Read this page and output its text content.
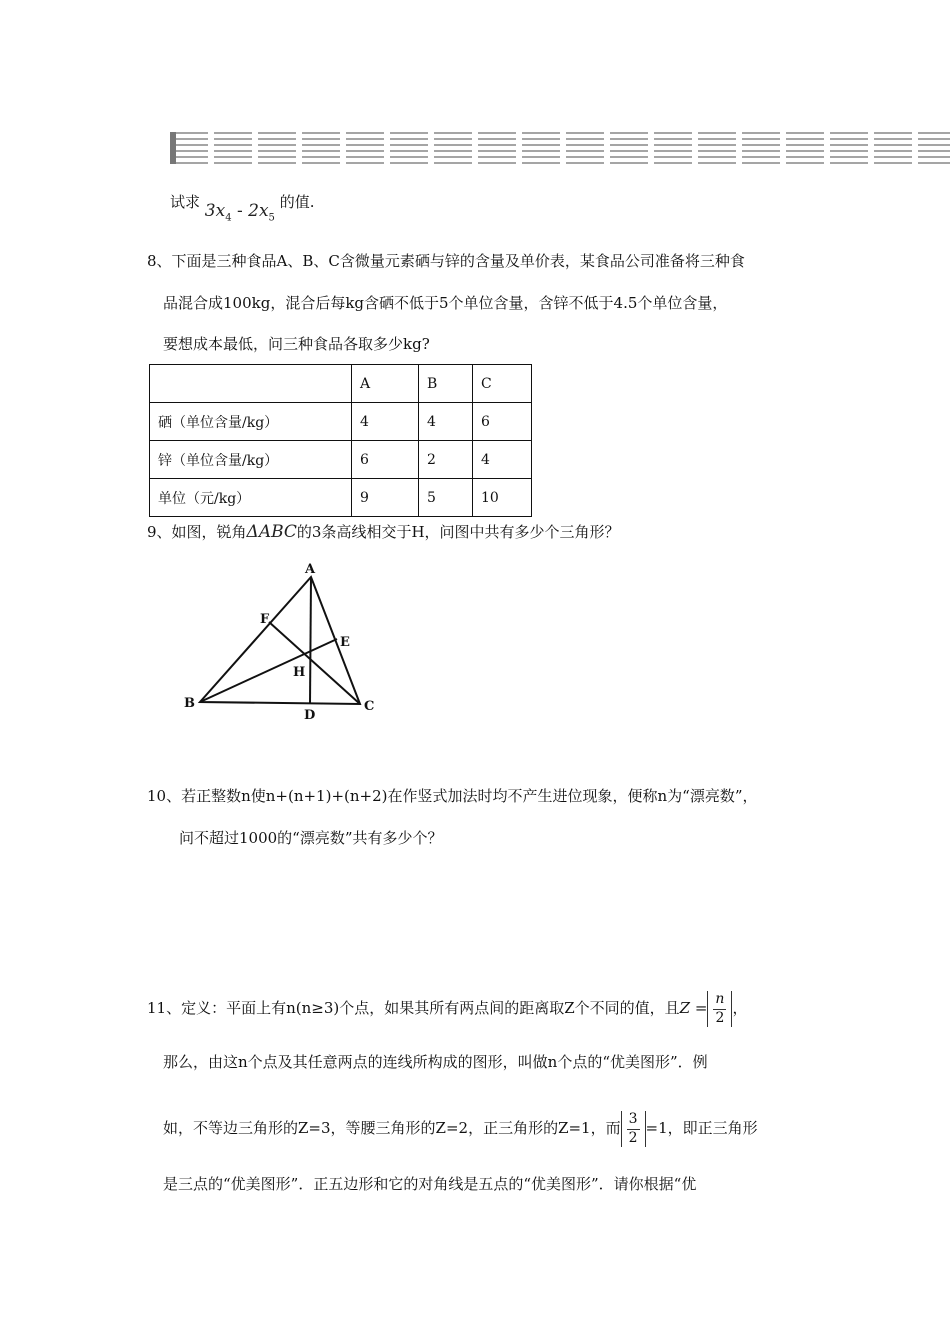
试求 $3x_4 - 2x_5$ 的值.
8、下面是三种食品A、B、C含微量元素硒与锌的含量及单价表，某食品公司准备将三种食
品混合成100kg，混合后每kg含硒不低于5个单位含量，含锌不低于4.5个单位含量，
要想成本最低，问三种食品各取多少kg?
	A	B	C
硒（单位含量/kg）	4	4	6
锌（单位含量/kg）	6	2	4
单位（元/kg）	9	5	10
9、如图，锐角ΔABC的3条高线相交于H，问图中共有多少个三角形？
A
B	C
D
E
F
H
10、若正整数n使n+(n+1)+(n+2)在作竖式加法时均不产生进位现象，便称n为“漂亮数”，
问不超过1000的“漂亮数”共有多少个？
11、定义：平面上有n(n≥3)个点，如果其所有两点间的距离取Z个不同的值，且$Z = \frac{n}{2}$ ，
那么，由这n个点及其任意两点的连线所构成的图形，叫做n个点的“优美图形”．例
如，不等边三角形的Z=3，等腰三角形的Z=2，正三角形的Z=1，而 $\frac{3}{2} =1$，即正三角形
是三点的“优美图形”．正五边形和它的对角线是五点的“优美图形”．请你根据“优
